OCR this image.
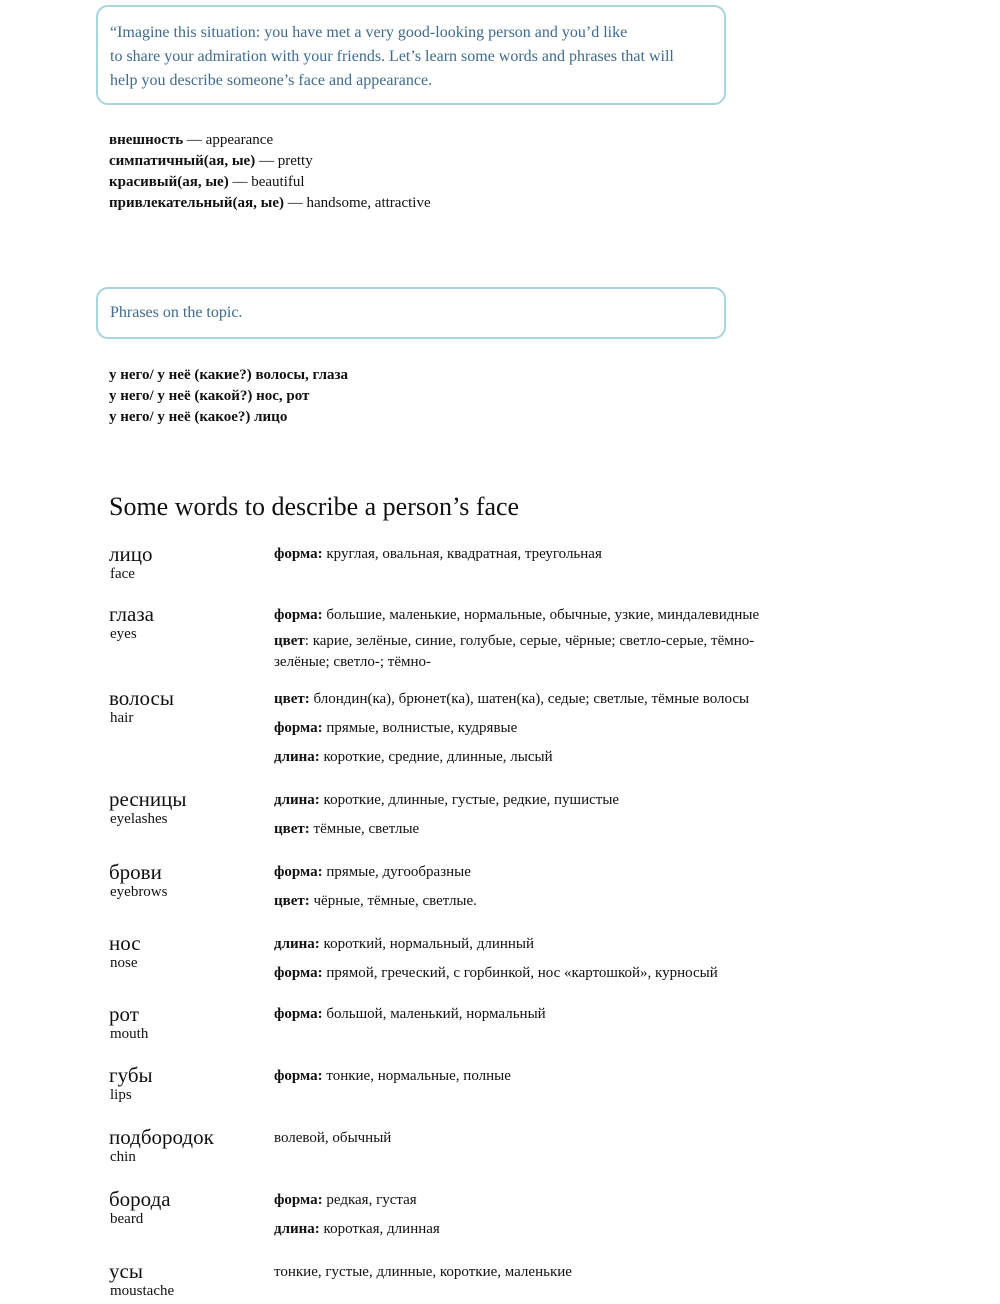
“Imagine this situation: you have met a very good-looking person and you’d like
to share your admiration with your friends. Let’s learn some words and phrases that will
help you describe someone’s face and appearance.
внешность — appearance
симпатичный(ая, ые) — pretty
красивый(ая, ые) — beautiful
привлекательный(ая, ые) — handsome, attractive
Phrases on the topic.
у него/ у неё (какие?) волосы, глаза
у него/ у неё (какой?) нос, рот
у него/ у неё (какое?) лицо
Some words to describe a person’s face
лицо
face
форма: круглая, овальная, квадратная, треугольная
глаза
eyes
форма: большие, маленькие, нормальные, обычные, узкие, миндалевидные
цвет: карие, зелёные, синие, голубые, серые, чёрные; светло-серые, тёмно-
зелёные; светло-; тёмно-
волосы
hair
цвет: блондин(ка), брюнет(ка), шатен(ка), седые; светлые, тёмные волосы
форма: прямые, волнистые, кудрявые
длина: короткие, средние, длинные, лысый
ресницы
eyelashes
длина: короткие, длинные, густые, редкие, пушистые
цвет: тёмные, светлые
брови
eyebrows
форма: прямые, дугообразные
цвет: чёрные, тёмные, светлые.
нос
nose
длина: короткий, нормальный, длинный
форма: прямой, греческий, с горбинкой, нос «картошкой», курносый
рот
mouth
форма: большой, маленький, нормальный
губы
lips
форма: тонкие, нормальные, полные
подбородок
chin
волевой, обычный
борода
beard
форма: редкая, густая
длина: короткая, длинная
усы
moustache
тонкие, густые, длинные, короткие, маленькие
